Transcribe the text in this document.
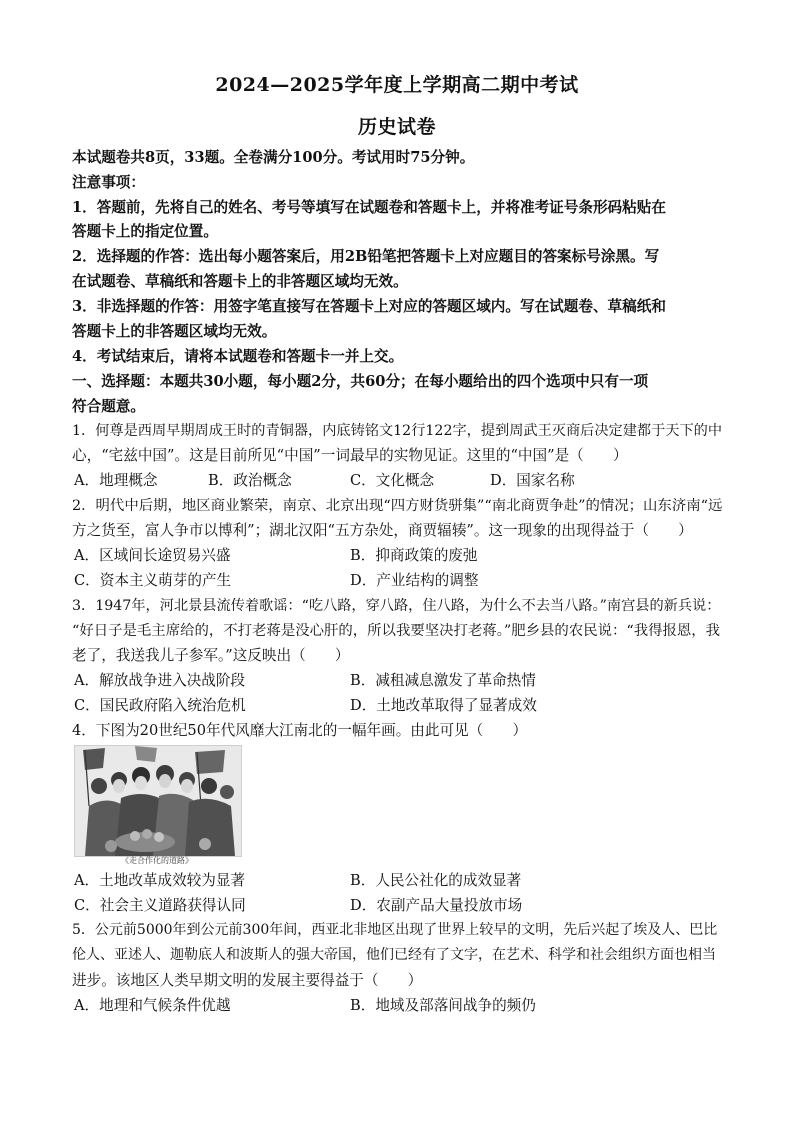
2024—2025学年度上学期高二期中考试
历史试卷
本试题卷共8页，33题。全卷满分100分。考试用时75分钟。
注意事项：
1．答题前，先将自己的姓名、考号等填写在试题卷和答题卡上，并将准考证号条形码粘贴在
答题卡上的指定位置。
2．选择题的作答：选出每小题答案后，用2B铅笔把答题卡上对应题目的答案标号涂黑。写
在试题卷、草稿纸和答题卡上的非答题区域均无效。
3．非选择题的作答：用签字笔直接写在答题卡上对应的答题区域内。写在试题卷、草稿纸和
答题卡上的非答题区域均无效。
4．考试结束后，请将本试题卷和答题卡一并上交。
一、选择题：本题共30小题，每小题2分，共60分；在每小题给出的四个选项中只有一项
符合题意。
1．何尊是西周早期周成王时的青铜器，内底铸铭文12行122字，提到周武王灭商后决定建都于天下的中
心，“宅兹中国”。这是目前所见“中国”一词最早的实物见证。这里的“中国”是（　　）
A．地理概念	B．政治概念	C．文化概念	D．国家名称
2．明代中后期，地区商业繁荣，南京、北京出现“四方财货骈集”“南北商贾争赴”的情况；山东济南“远
方之货至，富人争市以博利”；湖北汉阳“五方杂处，商贾辐辏”。这一现象的出现得益于（　　）
A．区域间长途贸易兴盛	B．抑商政策的废弛
C．资本主义萌芽的产生	D．产业结构的调整
3．1947年，河北景县流传着歌谣：“吃八路，穿八路，住八路，为什么不去当八路。”南宫县的新兵说：
“好日子是毛主席给的，不打老蒋是没心肝的，所以我要坚决打老蒋。”肥乡县的农民说：“我得报恩，我
老了，我送我儿子参军。”这反映出（　　）
A．解放战争进入决战阶段	B．减租减息激发了革命热情
C．国民政府陷入统治危机	D．土地改革取得了显著成效
4．下图为20世纪50年代风靡大江南北的一幅年画。由此可见（　　）
《走合作化的道路》
A．土地改革成效较为显著	B．人民公社化的成效显著
C．社会主义道路获得认同	D．农副产品大量投放市场
5．公元前5000年到公元前300年间，西亚北非地区出现了世界上较早的文明，先后兴起了埃及人、巴比
伦人、亚述人、迦勒底人和波斯人的强大帝国，他们已经有了文字，在艺术、科学和社会组织方面也相当
进步。该地区人类早期文明的发展主要得益于（　　）
A．地理和气候条件优越	B．地域及部落间战争的频仍
